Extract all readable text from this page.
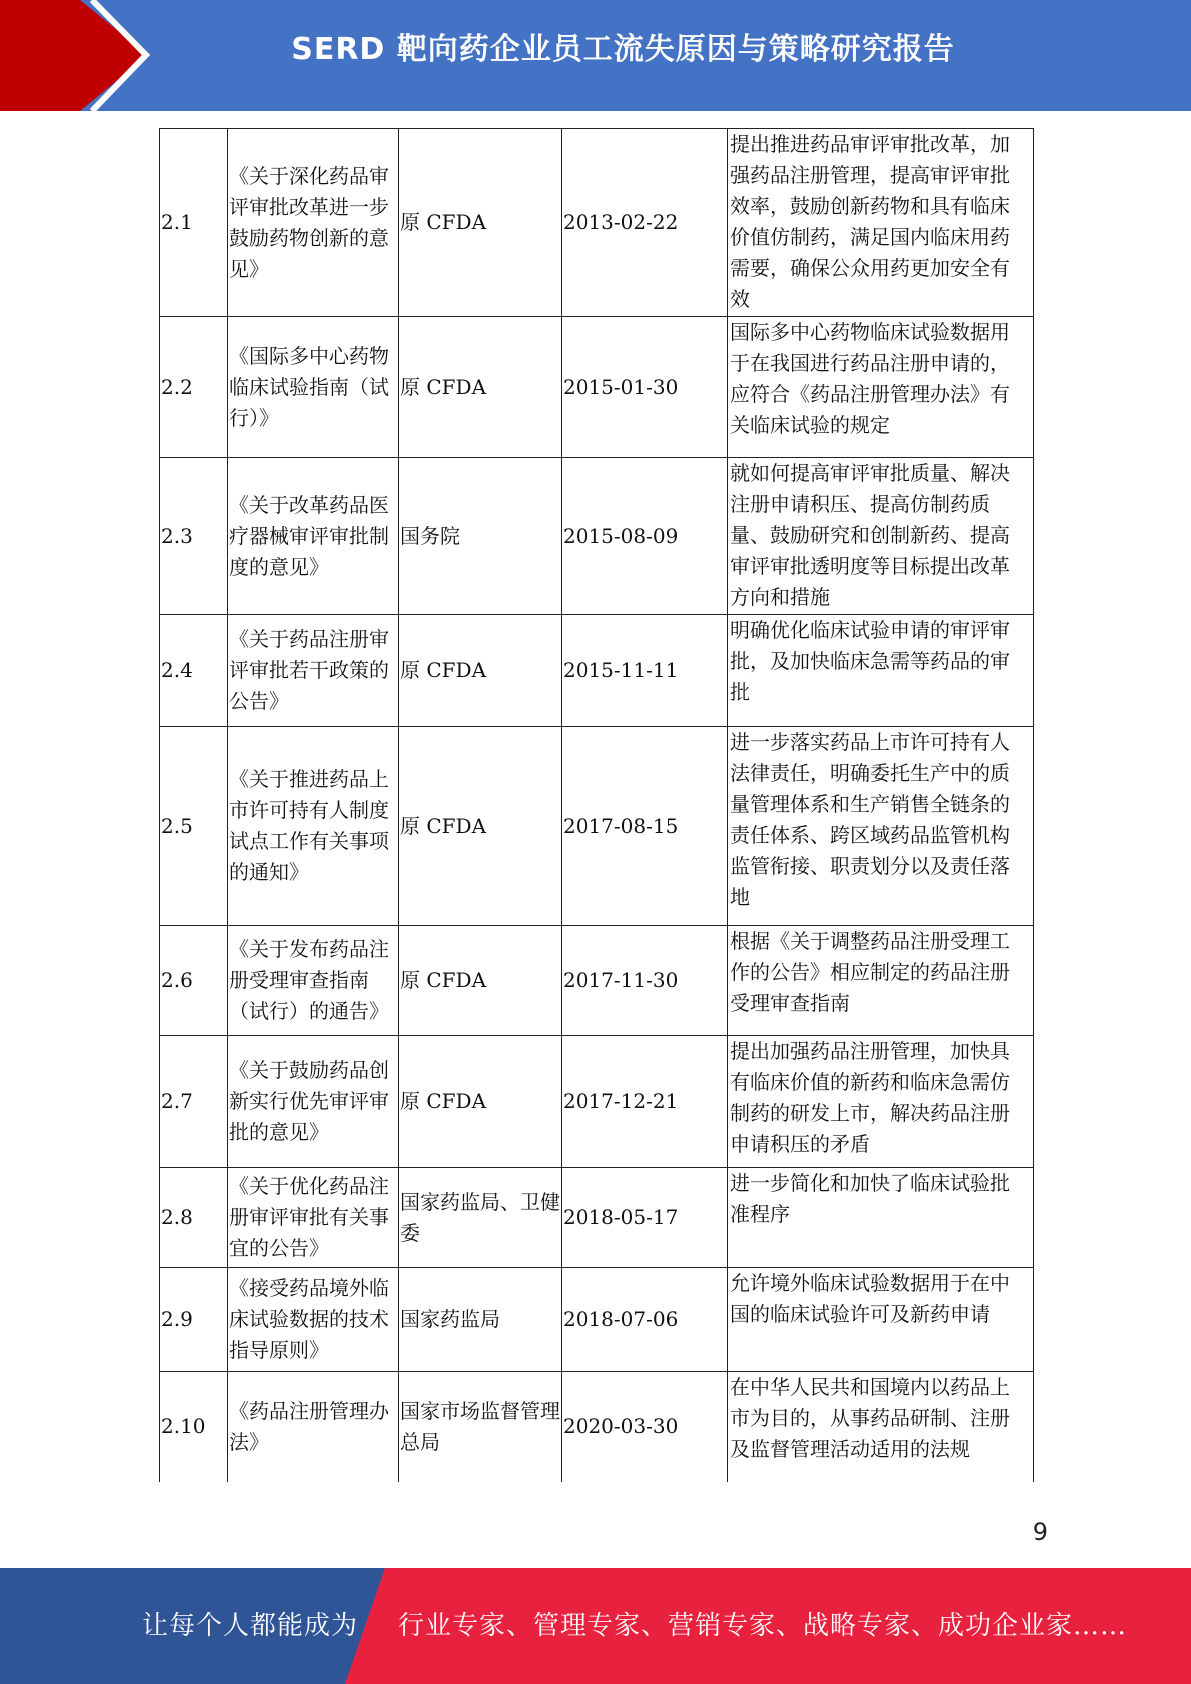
SERD 靶向药企业员工流失原因与策略研究报告
2.1	《关于深化药品审评审批改革进一步鼓励药物创新的意见》	原 CFDA	2013-02-22	提出推进药品审评审批改革，加强药品注册管理，提高审评审批效率，鼓励创新药物和具有临床价值仿制药，满足国内临床用药需要，确保公众用药更加安全有效
2.2	《国际多中心药物临床试验指南（试行）》	原 CFDA	2015-01-30	国际多中心药物临床试验数据用于在我国进行药品注册申请的，应符合《药品注册管理办法》有关临床试验的规定
2.3	《关于改革药品医疗器械审评审批制度的意见》	国务院	2015-08-09	就如何提高审评审批质量、解决注册申请积压、提高仿制药质量、鼓励研究和创制新药、提高审评审批透明度等目标提出改革方向和措施
2.4	《关于药品注册审评审批若干政策的公告》	原 CFDA	2015-11-11	明确优化临床试验申请的审评审批，及加快临床急需等药品的审批
2.5	《关于推进药品上市许可持有人制度试点工作有关事项的通知》	原 CFDA	2017-08-15	进一步落实药品上市许可持有人法律责任，明确委托生产中的质量管理体系和生产销售全链条的责任体系、跨区域药品监管机构监管衔接、职责划分以及责任落地
2.6	《关于发布药品注册受理审查指南（试行）的通告》	原 CFDA	2017-11-30	根据《关于调整药品注册受理工作的公告》相应制定的药品注册受理审查指南
2.7	《关于鼓励药品创新实行优先审评审批的意见》	原 CFDA	2017-12-21	提出加强药品注册管理，加快具有临床价值的新药和临床急需仿制药的研发上市，解决药品注册申请积压的矛盾
2.8	《关于优化药品注册审评审批有关事宜的公告》	国家药监局、卫健委	2018-05-17	进一步简化和加快了临床试验批准程序
2.9	《接受药品境外临床试验数据的技术指导原则》	国家药监局	2018-07-06	允许境外临床试验数据用于在中国的临床试验许可及新药申请
2.10	《药品注册管理办法》	国家市场监督管理总局	2020-03-30	在中华人民共和国境内以药品上市为目的，从事药品研制、注册及监督管理活动适用的法规
9
让每个人都能成为 行业专家、管理专家、营销专家、战略专家、成功企业家……
